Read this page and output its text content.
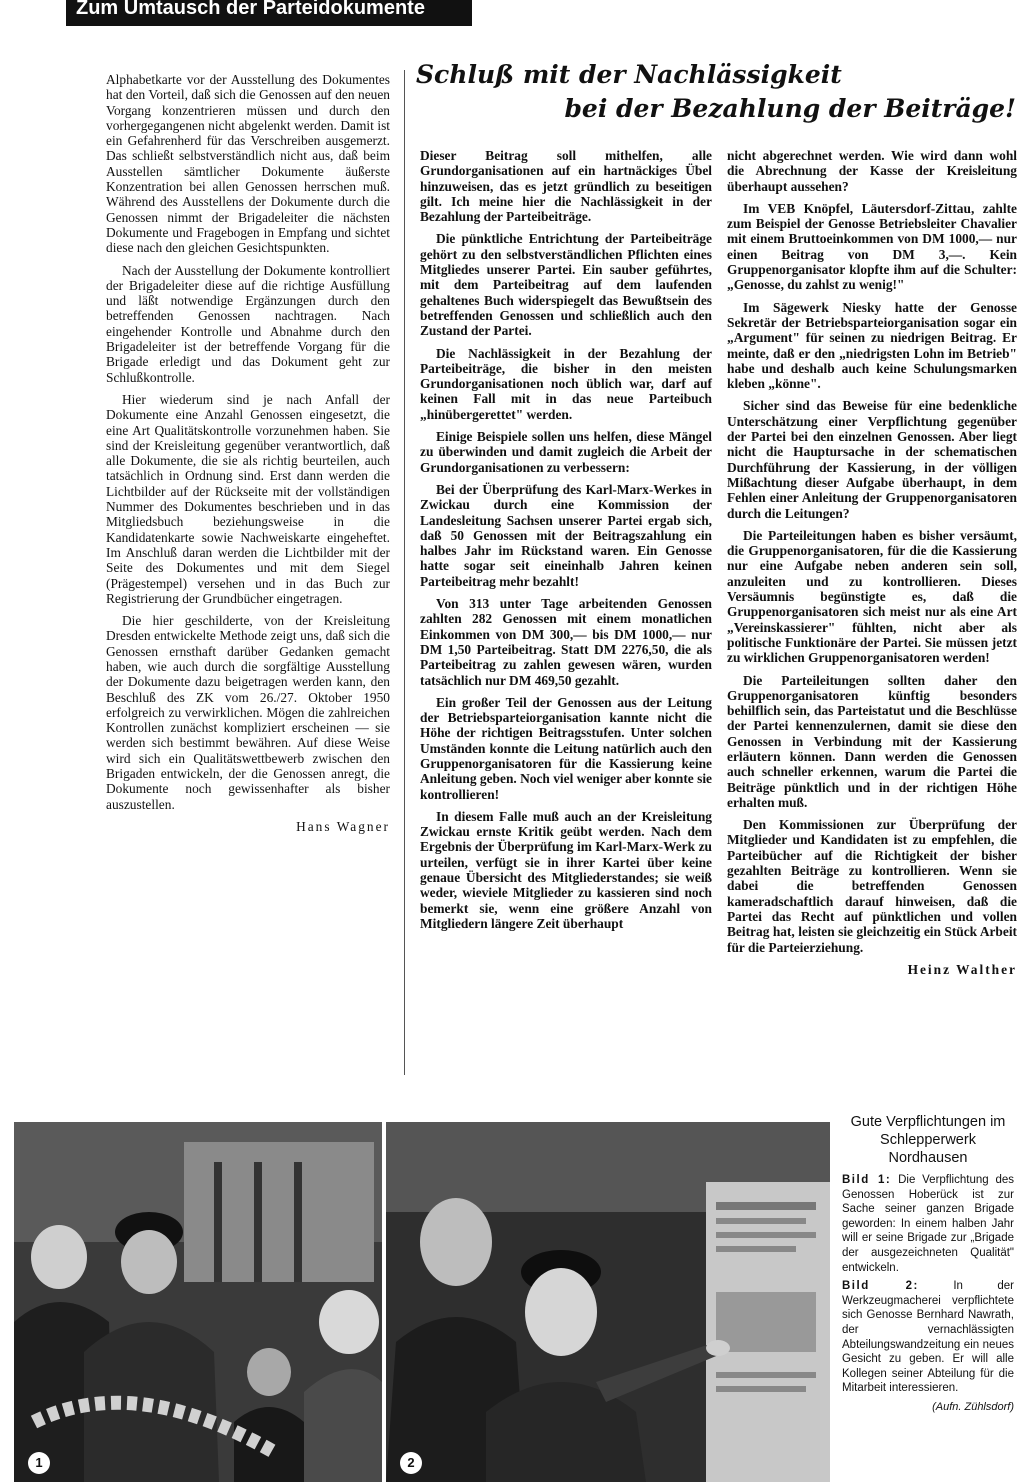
Zum Umtausch der Parteidokumente

Alphabetkarte vor der Ausstellung des Dokumentes hat den Vorteil, daß sich die Genossen auf den neuen Vorgang konzentrieren müssen und durch den vorhergegangenen nicht abgelenkt werden. Damit ist ein Gefahrenherd für das Verschreiben ausgemerzt. Das schließt selbstverständlich nicht aus, daß beim Ausstellen sämtlicher Dokumente äußerste Konzentration bei allen Genossen herrschen muß. Während des Ausstellens der Dokumente durch die Genossen nimmt der Brigadeleiter die nächsten Dokumente und Fragebogen in Empfang und sichtet diese nach den gleichen Gesichtspunkten.

Nach der Ausstellung der Dokumente kontrolliert der Brigadeleiter diese auf die richtige Ausfüllung und läßt notwendige Ergänzungen durch den betreffenden Genossen nachtragen. Nach eingehender Kontrolle und Abnahme durch den Brigadeleiter ist der betreffende Vorgang für die Brigade erledigt und das Dokument geht zur Schlußkontrolle.

Hier wiederum sind je nach Anfall der Dokumente eine Anzahl Genossen eingesetzt, die eine Art Qualitätskontrolle vorzunehmen haben. Sie sind der Kreisleitung gegenüber verantwortlich, daß alle Dokumente, die sie als richtig beurteilen, auch tatsächlich in Ordnung sind. Erst dann werden die Lichtbilder auf der Rückseite mit der vollständigen Nummer des Dokumentes beschrieben und in das Mitgliedsbuch beziehungsweise in die Kandidatenkarte sowie Nachweiskarte eingeheftet. Im Anschluß daran werden die Lichtbilder mit der Seite des Dokumentes und mit dem Siegel (Prägestempel) versehen und in das Buch zur Registrierung der Grundbücher eingetragen.

Die hier geschilderte, von der Kreisleitung Dresden entwickelte Methode zeigt uns, daß sich die Genossen ernsthaft darüber Gedanken gemacht haben, wie auch durch die sorgfältige Ausstellung der Dokumente dazu beigetragen werden kann, den Beschluß des ZK vom 26./27. Oktober 1950 erfolgreich zu verwirklichen. Mögen die zahlreichen Kontrollen zunächst kompliziert erscheinen — sie werden sich bestimmt bewähren. Auf diese Weise wird sich ein Qualitätswettbewerb zwischen den Brigaden entwickeln, der die Genossen anregt, die Dokumente noch gewissenhafter als bisher auszustellen.

Hans Wagner
Schluß mit der Nachlässigkeit
bei der Bezahlung der Beiträge!

Dieser Beitrag soll mithelfen, alle Grundorganisationen auf ein hartnäckiges Übel hinzuweisen, das es jetzt gründlich zu beseitigen gilt. Ich meine hier die Nachlässigkeit in der Bezahlung der Parteibeiträge.

Die pünktliche Entrichtung der Parteibeiträge gehört zu den selbstverständlichen Pflichten eines Mitgliedes unserer Partei. Ein sauber geführtes, mit dem Parteibeitrag auf dem laufenden gehaltenes Buch widerspiegelt das Bewußtsein des betreffenden Genossen und schließlich auch den Zustand der Partei.

Die Nachlässigkeit in der Bezahlung der Parteibeiträge, die bisher in den meisten Grundorganisationen noch üblich war, darf auf keinen Fall mit in das neue Parteibuch „hinübergerettet" werden.

Einige Beispiele sollen uns helfen, diese Mängel zu überwinden und damit zugleich die Arbeit der Grundorganisationen zu verbessern:

Bei der Überprüfung des Karl-Marx-Werkes in Zwickau durch eine Kommission der Landesleitung Sachsen unserer Partei ergab sich, daß 50 Genossen mit der Beitragszahlung ein halbes Jahr im Rückstand waren. Ein Genosse hatte sogar seit eineinhalb Jahren keinen Parteibeitrag mehr bezahlt!

Von 313 unter Tage arbeitenden Genossen zahlten 282 Genossen mit einem monatlichen Einkommen von DM 300,— bis DM 1000,— nur DM 1,50 Parteibeitrag. Statt DM 2276,50, die als Parteibeitrag zu zahlen gewesen wären, wurden tatsächlich nur DM 469,50 gezahlt.

Ein großer Teil der Genossen aus der Leitung der Betriebsparteiorganisation kannte nicht die Höhe der richtigen Beitragsstufen. Unter solchen Umständen konnte die Leitung natürlich auch den Gruppenorganisatoren für die Kassierung keine Anleitung geben. Noch viel weniger aber konnte sie kontrollieren!

In diesem Falle muß auch an der Kreisleitung Zwickau ernste Kritik geübt werden. Nach dem Ergebnis der Überprüfung im Karl-Marx-Werk zu urteilen, verfügt sie in ihrer Kartei über keine genaue Übersicht des Mitgliederstandes; sie weiß weder, wieviele Mitglieder zu kassieren sind noch bemerkt sie, wenn eine größere Anzahl von Mitgliedern längere Zeit überhaupt

nicht abgerechnet werden. Wie wird dann wohl die Abrechnung der Kasse der Kreisleitung überhaupt aussehen?

Im VEB Knöpfel, Läutersdorf-Zittau, zahlte zum Beispiel der Genosse Betriebsleiter Chavalier mit einem Bruttoeinkommen von DM 1000,— nur einen Beitrag von DM 3,—. Kein Gruppenorganisator klopfte ihm auf die Schulter: „Genosse, du zahlst zu wenig!"

Im Sägewerk Niesky hatte der Genosse Sekretär der Betriebsparteiorganisation sogar ein „Argument" für seinen zu niedrigen Beitrag. Er meinte, daß er den „niedrigsten Lohn im Betrieb" habe und deshalb auch keine Schulungsmarken kleben „könne".

Sicher sind das Beweise für eine bedenkliche Unterschätzung einer Verpflichtung gegenüber der Partei bei den einzelnen Genossen. Aber liegt nicht die Hauptursache in der schematischen Durchführung der Kassierung, in der völligen Mißachtung dieser Aufgabe überhaupt, in dem Fehlen einer Anleitung der Gruppenorganisatoren durch die Leitungen?

Die Parteileitungen haben es bisher versäumt, die Gruppenorganisatoren, für die die Kassierung nur eine Aufgabe neben anderen sein soll, anzuleiten und zu kontrollieren. Dieses Versäumnis begünstigte es, daß die Gruppenorganisatoren sich meist nur als eine Art „Vereinskassierer" fühlten, nicht aber als politische Funktionäre der Partei. Sie müssen jetzt zu wirklichen Gruppenorganisatoren werden!

Die Parteileitungen sollten daher den Gruppenorganisatoren künftig besonders behilflich sein, das Parteistatut und die Beschlüsse der Partei kennenzulernen, damit sie diese den Genossen in Verbindung mit der Kassierung erläutern können. Dann werden die Genossen auch schneller erkennen, warum die Partei die Beiträge pünktlich und in der richtigen Höhe erhalten muß.

Den Kommissionen zur Überprüfung der Mitglieder und Kandidaten ist zu empfehlen, die Parteibücher auf die Richtigkeit der bisher gezahlten Beiträge zu kontrollieren. Wenn sie dabei die betreffenden Genossen kameradschaftlich darauf hinweisen, daß die Partei das Recht auf pünktlichen und vollen Beitrag hat, leisten sie gleichzeitig ein Stück Arbeit für die Parteierziehung.

Heinz Walther
1	2
Gute Verpflichtungen im Schlepperwerk Nordhausen

Bild 1: Die Verpflichtung des Genossen Hoberück ist zur Sache seiner ganzen Brigade geworden: In einem halben Jahr will er seine Brigade zur „Brigade der ausgezeichneten Qualität" entwickeln.

Bild 2:	In der Werkzeugmacherei verpflichtete sich Genosse Bernhard Nawrath, der vernachlässigten Abteilungswandzeitung ein neues Gesicht zu geben. Er will alle Kollegen seiner Abteilung für die Mitarbeit interessieren.

(Aufn. Zühlsdorf)
